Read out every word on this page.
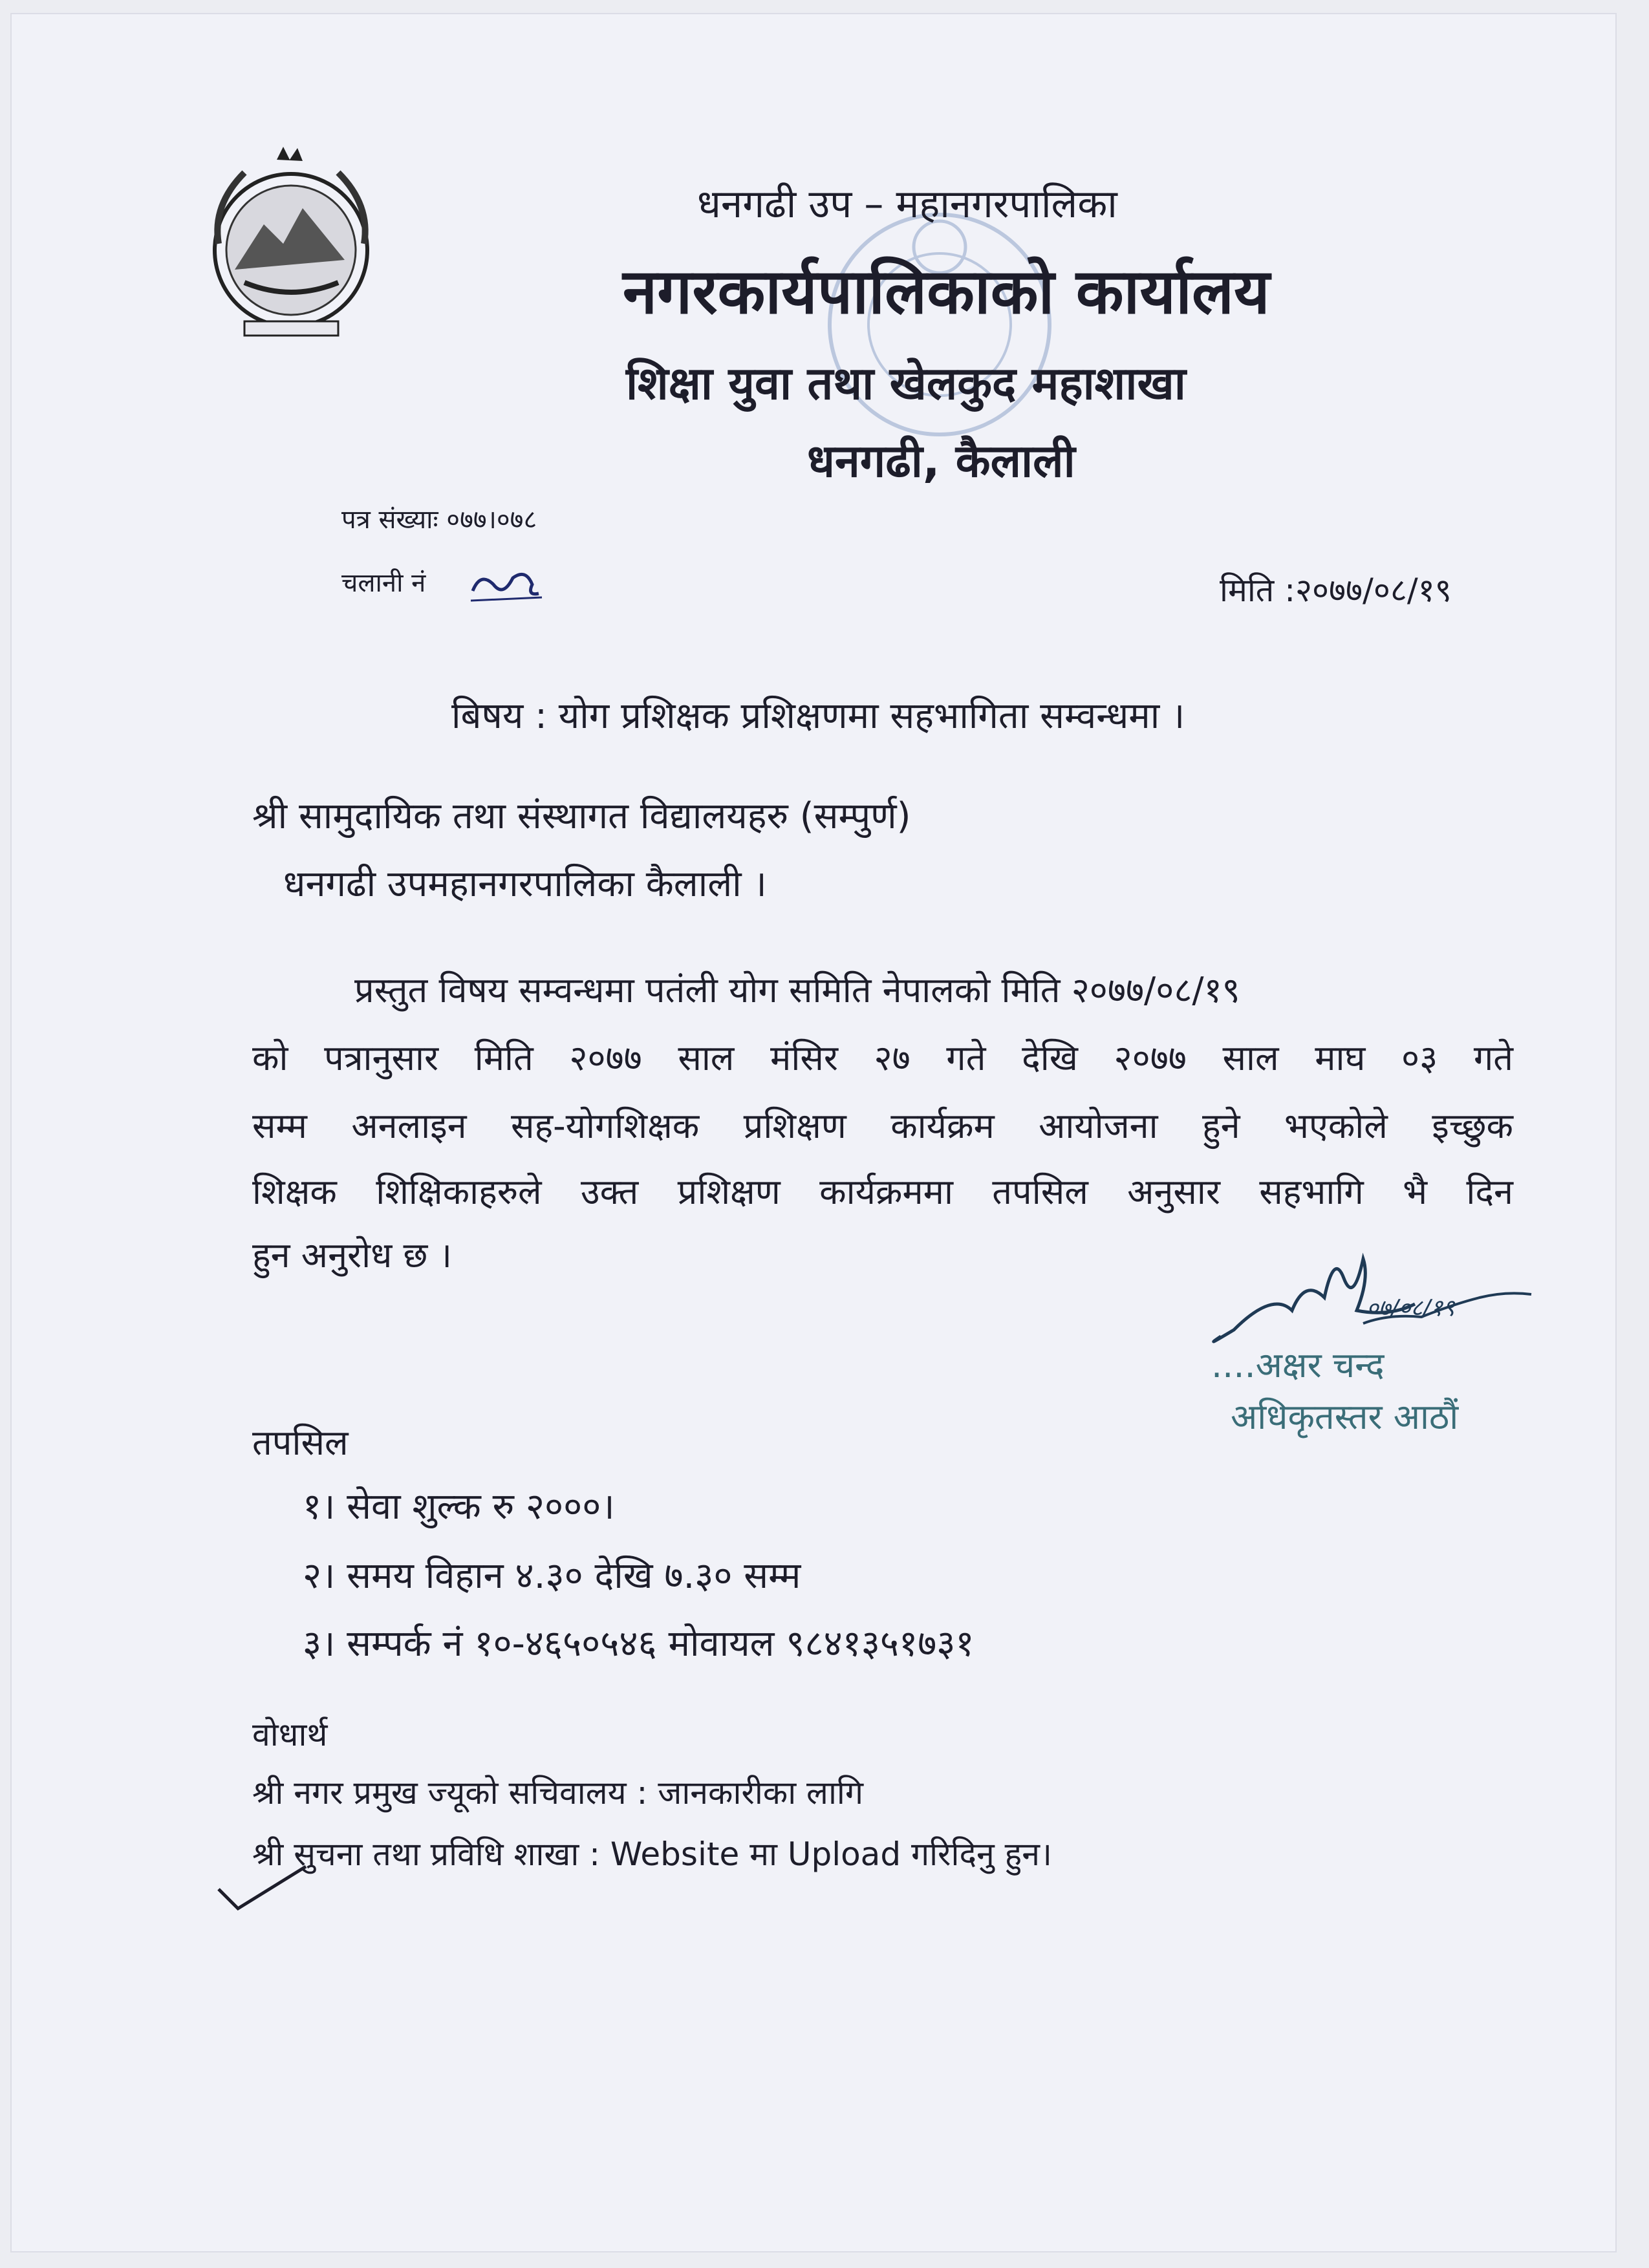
धनगढी उप – महानगरपालिका
नगरकार्यपालिकाको कार्यालय
शिक्षा युवा तथा खेलकुद महाशाखा
धनगढी, कैलाली
पत्र संख्याः ०७७।०७८
चलानी नं	मिति :२०७७/०८/१९
बिषय : योग प्रशिक्षक प्रशिक्षणमा सहभागिता सम्वन्धमा ।
श्री सामुदायिक तथा संस्थागत विद्यालयहरु (सम्पुर्ण)
धनगढी उपमहानगरपालिका कैलाली ।
प्रस्तुत विषय सम्वन्धमा पतंली योग समिति नेपालको मिति २०७७/०८/१९
को पत्रानुसार मिति २०७७ साल मंसिर २७ गते देखि २०७७ साल माघ ०३ गते
सम्म अनलाइन सह-योगशिक्षक प्रशिक्षण कार्यक्रम आयोजना हुने भएकोले इच्छुक
शिक्षक शिक्षिकाहरुले उक्त प्रशिक्षण कार्यक्रममा तपसिल अनुसार सहभागि भै दिन
हुन अनुरोध छ ।
०७/०८/१९
....अक्षर चन्द
अधिकृतस्तर आठौं
तपसिल
१। सेवा शुल्क रु २०००।
२। समय विहान ४.३० देखि ७.३० सम्म
३। सम्पर्क नं १०-४६५०५४६ मोवायल ९८४१३५१७३१
वोधार्थ
श्री नगर प्रमुख ज्यूको सचिवालय : जानकारीका लागि
श्री सुचना तथा प्रविधि शाखा : Website मा Upload गरिदिनु हुन।
